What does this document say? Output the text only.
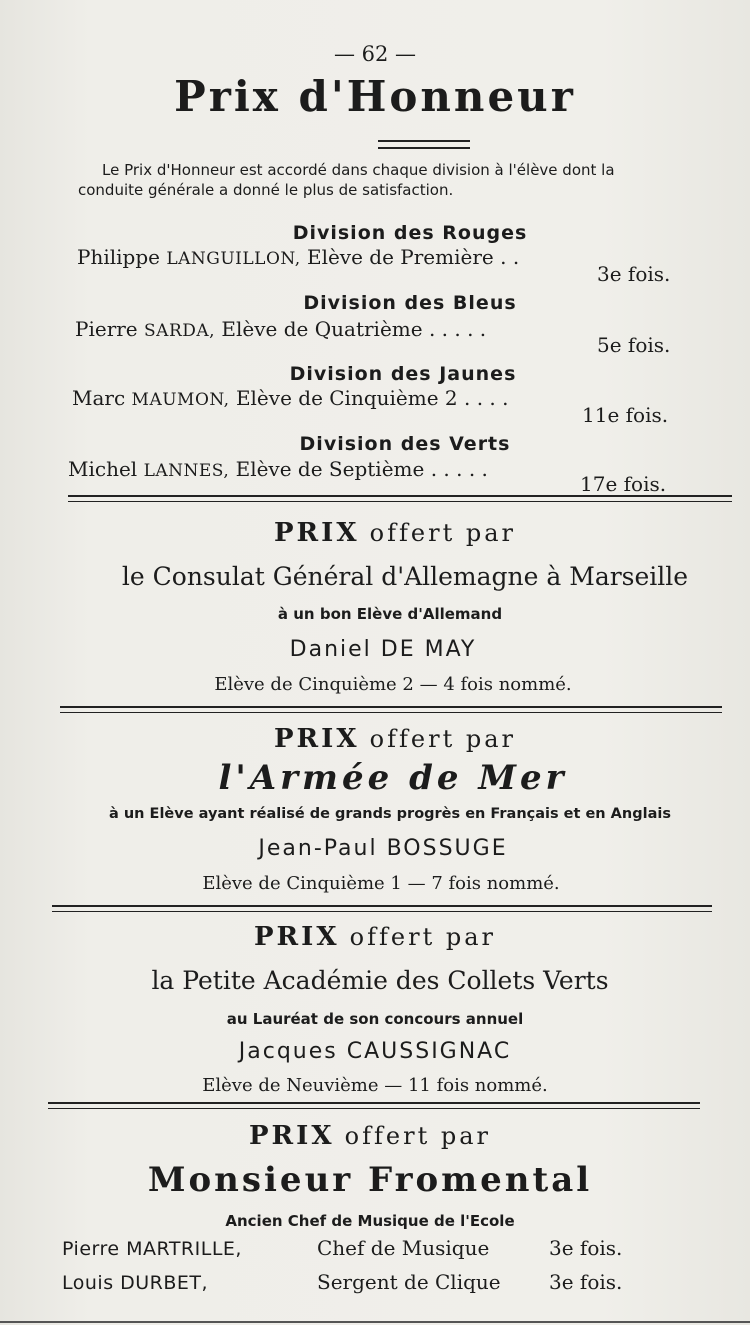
— 62 —
Prix d'Honneur
Le Prix d'Honneur est accordé dans chaque division à l'élève dont la
conduite générale a donné le plus de satisfaction.
Division des Rouges
Philippe LANGUILLON, Elève de Première . .
3e fois.
Division des Bleus
Pierre SARDA, Elève de Quatrième . . . . .
5e fois.
Division des Jaunes
Marc MAUMON, Elève de Cinquième 2 . . . .
11e fois.
Division des Verts
Michel LANNES, Elève de Septième . . . . .
17e fois.
PRIX offert par
le Consulat Général d'Allemagne à Marseille
à un bon Elève d'Allemand
Daniel DE MAY
Elève de Cinquième 2 — 4 fois nommé.
PRIX offert par
l'Armée de Mer
à un Elève ayant réalisé de grands progrès en Français et en Anglais
Jean-Paul BOSSUGE
Elève de Cinquième 1 — 7 fois nommé.
PRIX offert par
la Petite Académie des Collets Verts
au Lauréat de son concours annuel
Jacques CAUSSIGNAC
Elève de Neuvième — 11 fois nommé.
PRIX offert par
Monsieur Fromental
Ancien Chef de Musique de l'Ecole
Pierre MARTRILLE,	Chef de Musique	3e fois.
Louis DURBET,	Sergent de Clique 3e fois.
